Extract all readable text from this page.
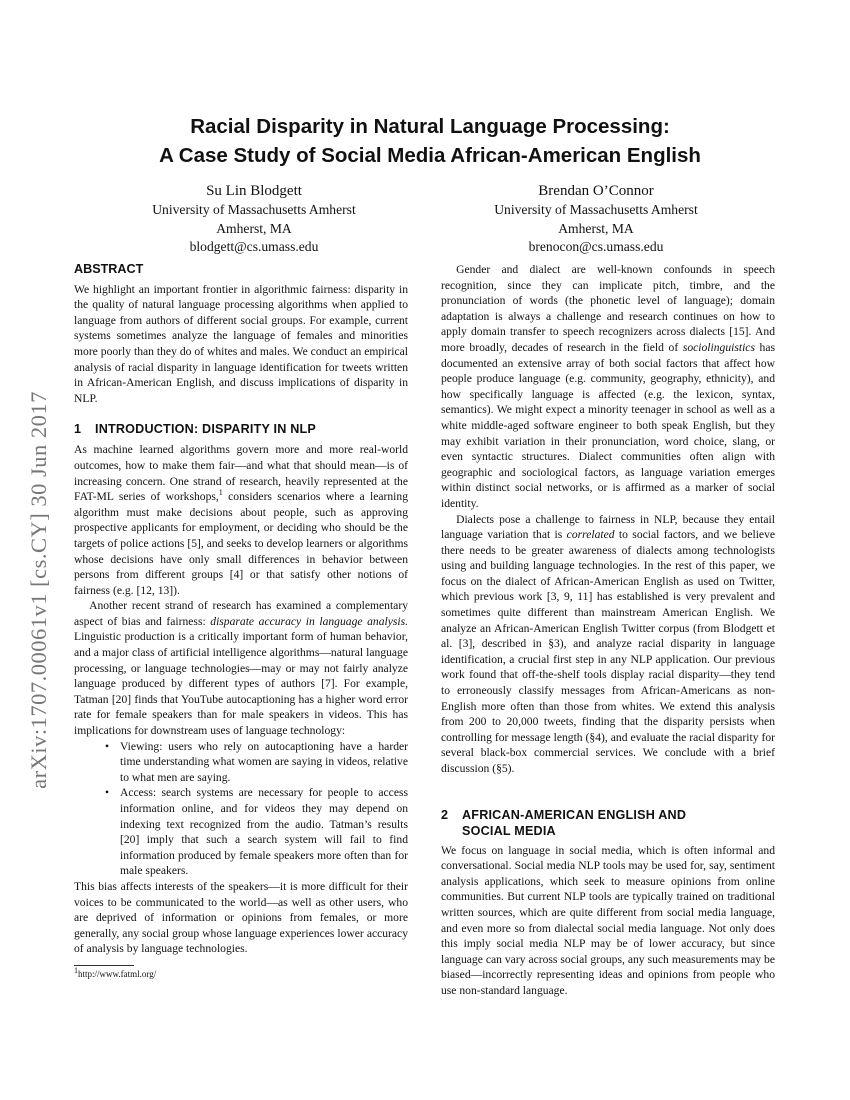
arXiv:1707.00061v1 [cs.CY] 30 Jun 2017
Racial Disparity in Natural Language Processing:
A Case Study of Social Media African-American English
Su Lin Blodgett
University of Massachusetts Amherst
Amherst, MA
blodgett@cs.umass.edu
Brendan O’Connor
University of Massachusetts Amherst
Amherst, MA
brenocon@cs.umass.edu
ABSTRACT

We highlight an important frontier in algorithmic fairness: disparity in the quality of natural language processing algorithms when applied to language from authors of different social groups. For example, current systems sometimes analyze the language of females and minorities more poorly than they do of whites and males. We conduct an empirical analysis of racial disparity in language identification for tweets written in African-American English, and discuss implications of disparity in NLP.

1	INTRODUCTION: DISPARITY IN NLP

As machine learned algorithms govern more and more real-world outcomes, how to make them fair—and what that should mean—is of increasing concern. One strand of research, heavily represented at the FAT-ML series of workshops,$^1$ considers scenarios where a learning algorithm must make decisions about people, such as approving prospective applicants for employment, or deciding who should be the targets of police actions [5], and seeks to develop learners or algorithms whose decisions have only small differences in behavior between persons from different groups [4] or that satisfy other notions of fairness (e.g. [12, 13]).

Another recent strand of research has examined a complementary aspect of bias and fairness: disparate accuracy in language analysis. Linguistic production is a critically important form of human behavior, and a major class of artificial intelligence algorithms—natural language processing, or language technologies—may or may not fairly analyze language produced by different types of authors [7]. For example, Tatman [20] finds that YouTube autocaptioning has a higher word error rate for female speakers than for male speakers in videos. This has implications for downstream uses of language technology:

• Viewing: users who rely on autocaptioning have a harder time understanding what women are saying in videos, relative to what men are saying.
• Access: search systems are necessary for people to access information online, and for videos they may depend on indexing text recognized from the audio. Tatman’s results [20] imply that such a search system will fail to find information produced by female speakers more often than for male speakers.

This bias affects interests of the speakers—it is more difficult for their voices to be communicated to the world—as well as other users, who are deprived of information or opinions from females, or more generally, any social group whose language experiences lower accuracy of analysis by language technologies.

$^1$http://www.fatml.org/

Gender and dialect are well-known confounds in speech recognition, since they can implicate pitch, timbre, and the pronunciation of words (the phonetic level of language); domain adaptation is always a challenge and research continues on how to apply domain transfer to speech recognizers across dialects [15]. And more broadly, decades of research in the field of sociolinguistics has documented an extensive array of both social factors that affect how people produce language (e.g. community, geography, ethnicity), and how specifically language is affected (e.g. the lexicon, syntax, semantics). We might expect a minority teenager in school as well as a white middle-aged software engineer to both speak English, but they may exhibit variation in their pronunciation, word choice, slang, or even syntactic structures. Dialect communities often align with geographic and sociological factors, as language variation emerges within distinct social networks, or is affirmed as a marker of social identity.

Dialects pose a challenge to fairness in NLP, because they entail language variation that is correlated to social factors, and we believe there needs to be greater awareness of dialects among technologists using and building language technologies. In the rest of this paper, we focus on the dialect of African-American English as used on Twitter, which previous work [3, 9, 11] has established is very prevalent and sometimes quite different than mainstream American English. We analyze an African-American English Twitter corpus (from Blodgett et al. [3], described in §3), and analyze racial disparity in language identification, a crucial first step in any NLP application. Our previous work found that off-the-shelf tools display racial disparity—they tend to erroneously classify messages from African-Americans as non-English more often than those from whites. We extend this analysis from 200 to 20,000 tweets, finding that the disparity persists when controlling for message length (§4), and evaluate the racial disparity for several black-box commercial services. We conclude with a brief discussion (§5).

2	AFRICAN-AMERICAN ENGLISH AND
SOCIAL MEDIA

We focus on language in social media, which is often informal and conversational. Social media NLP tools may be used for, say, sentiment analysis applications, which seek to measure opinions from online communities. But current NLP tools are typically trained on traditional written sources, which are quite different from social media language, and even more so from dialectal social media language. Not only does this imply social media NLP may be of lower accuracy, but since language can vary across social groups, any such measurements may be biased—incorrectly representing ideas and opinions from people who use non-standard language.
